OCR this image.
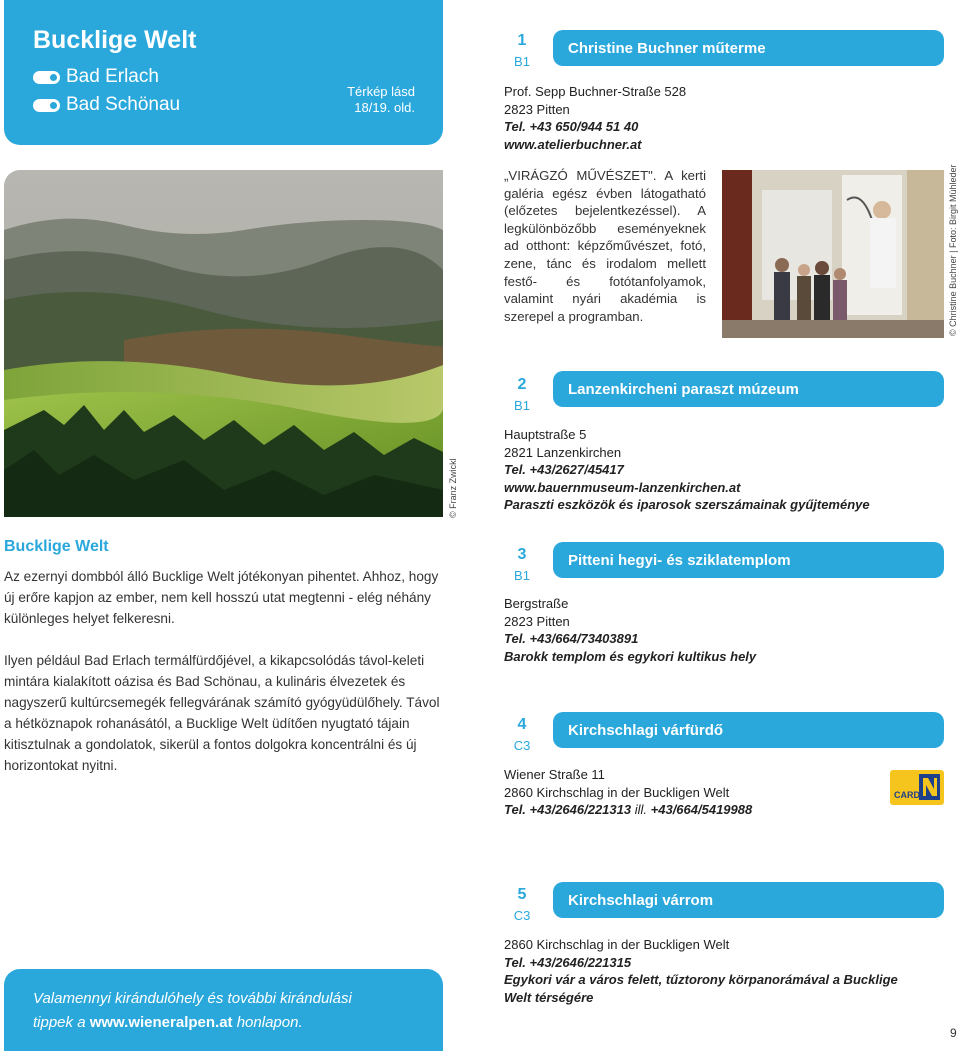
Bucklige Welt
Bad Erlach
Bad Schönau
Térkép lásd
18/19. old.
© Franz Zwickl
1
B1
Christine Buchner műterme
Prof. Sepp Buchner-Straße 528
2823 Pitten
Tel. +43 650/944 51 40
www.atelierbuchner.at
„VIRÁGZÓ MŰVÉSZET". A kerti galéria egész évben látogatható (előzetes bejelentkezéssel). A legkülönbözőbb eseményeknek ad otthont: képzőművészet, fotó, zene, tánc és irodalom mellett festő- és fotótanfolyamok, valamint nyári akadémia is szerepel a programban.	© Christine Buchner | Foto: Birgit Mühleder
2
B1
Lanzenkircheni paraszt múzeum
Hauptstraße 5
2821 Lanzenkirchen
Tel. +43/2627/45417
www.bauernmuseum-lanzenkirchen.at
Paraszti eszközök és iparosok szerszámainak gyűjteménye
Bucklige Welt
Az ezernyi dombból álló Bucklige Welt jótékonyan pihentet. Ahhoz, hogy új erőre kapjon az ember, nem kell hosszú utat megtenni - elég néhány különleges helyet felkeresni.
Ilyen például Bad Erlach termálfürdőjével, a kikapcsolódás távol-keleti mintára kialakított oázisa és Bad Schönau, a kulináris élvezetek és nagyszerű kultúrcsemegék fellegvárának számító gyógyüdülőhely. Távol a hétköznapok rohanásától, a Bucklige Welt üdítően nyugtató tájain kitisztulnak a gondolatok, sikerül a fontos dolgokra koncentrálni és új horizontokat nyitni.
3
B1
Pitteni hegyi- és sziklatemplom
Bergstraße
2823 Pitten
Tel. +43/664/73403891
Barokk templom és egykori kultikus hely
4
C3
Kirchschlagi várfürdő
Wiener Straße 11
2860 Kirchschlag in der Buckligen Welt
Tel. +43/2646/221313 ill. +43/664/5419988
CARD
5
C3
Kirchschlagi várrom
2860 Kirchschlag in der Buckligen Welt
Tel. +43/2646/221315
Egykori vár a város felett, tűztorony körpanorámával a Bucklige Welt térségére
Valamennyi kirándulóhely és további kirándulási
tippek a www.wieneralpen.at honlapon.
9
